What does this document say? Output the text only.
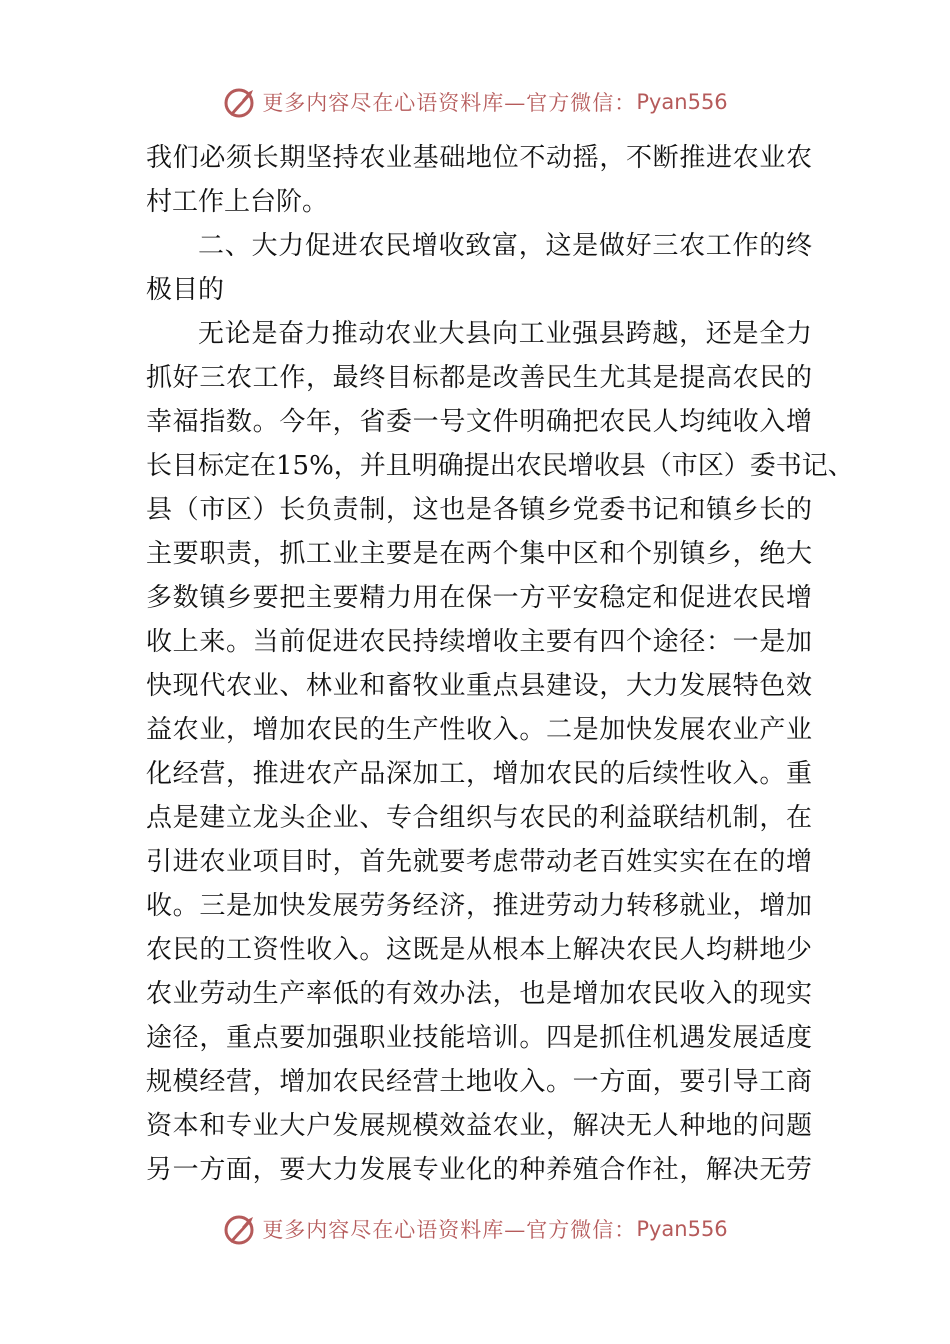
更多内容尽在心语资料库—官方微信： Pyan556
我们必须长期坚持农业基础地位不动摇，不断推进农业农
村工作上台阶。
二、大力促进农民增收致富，这是做好三农工作的终
极目的
无论是奋力推动农业大县向工业强县跨越，还是全力
抓好三农工作，最终目标都是改善民生尤其是提高农民的
幸福指数。今年，省委一号文件明确把农民人均纯收入增
长目标定在15%，并且明确提出农民增收县（市区）委书记、
县（市区）长负责制，这也是各镇乡党委书记和镇乡长的
主要职责，抓工业主要是在两个集中区和个别镇乡，绝大
多数镇乡要把主要精力用在保一方平安稳定和促进农民增
收上来。当前促进农民持续增收主要有四个途径：一是加
快现代农业、林业和畜牧业重点县建设，大力发展特色效
益农业，增加农民的生产性收入。二是加快发展农业产业
化经营，推进农产品深加工，增加农民的后续性收入。重
点是建立龙头企业、专合组织与农民的利益联结机制，在
引进农业项目时，首先就要考虑带动老百姓实实在在的增
收。三是加快发展劳务经济，推进劳动力转移就业，增加
农民的工资性收入。这既是从根本上解决农民人均耕地少
农业劳动生产率低的有效办法，也是增加农民收入的现实
途径，重点要加强职业技能培训。四是抓住机遇发展适度
规模经营，增加农民经营土地收入。一方面，要引导工商
资本和专业大户发展规模效益农业，解决无人种地的问题
另一方面，要大力发展专业化的种养殖合作社，解决无劳
更多内容尽在心语资料库—官方微信： Pyan556
